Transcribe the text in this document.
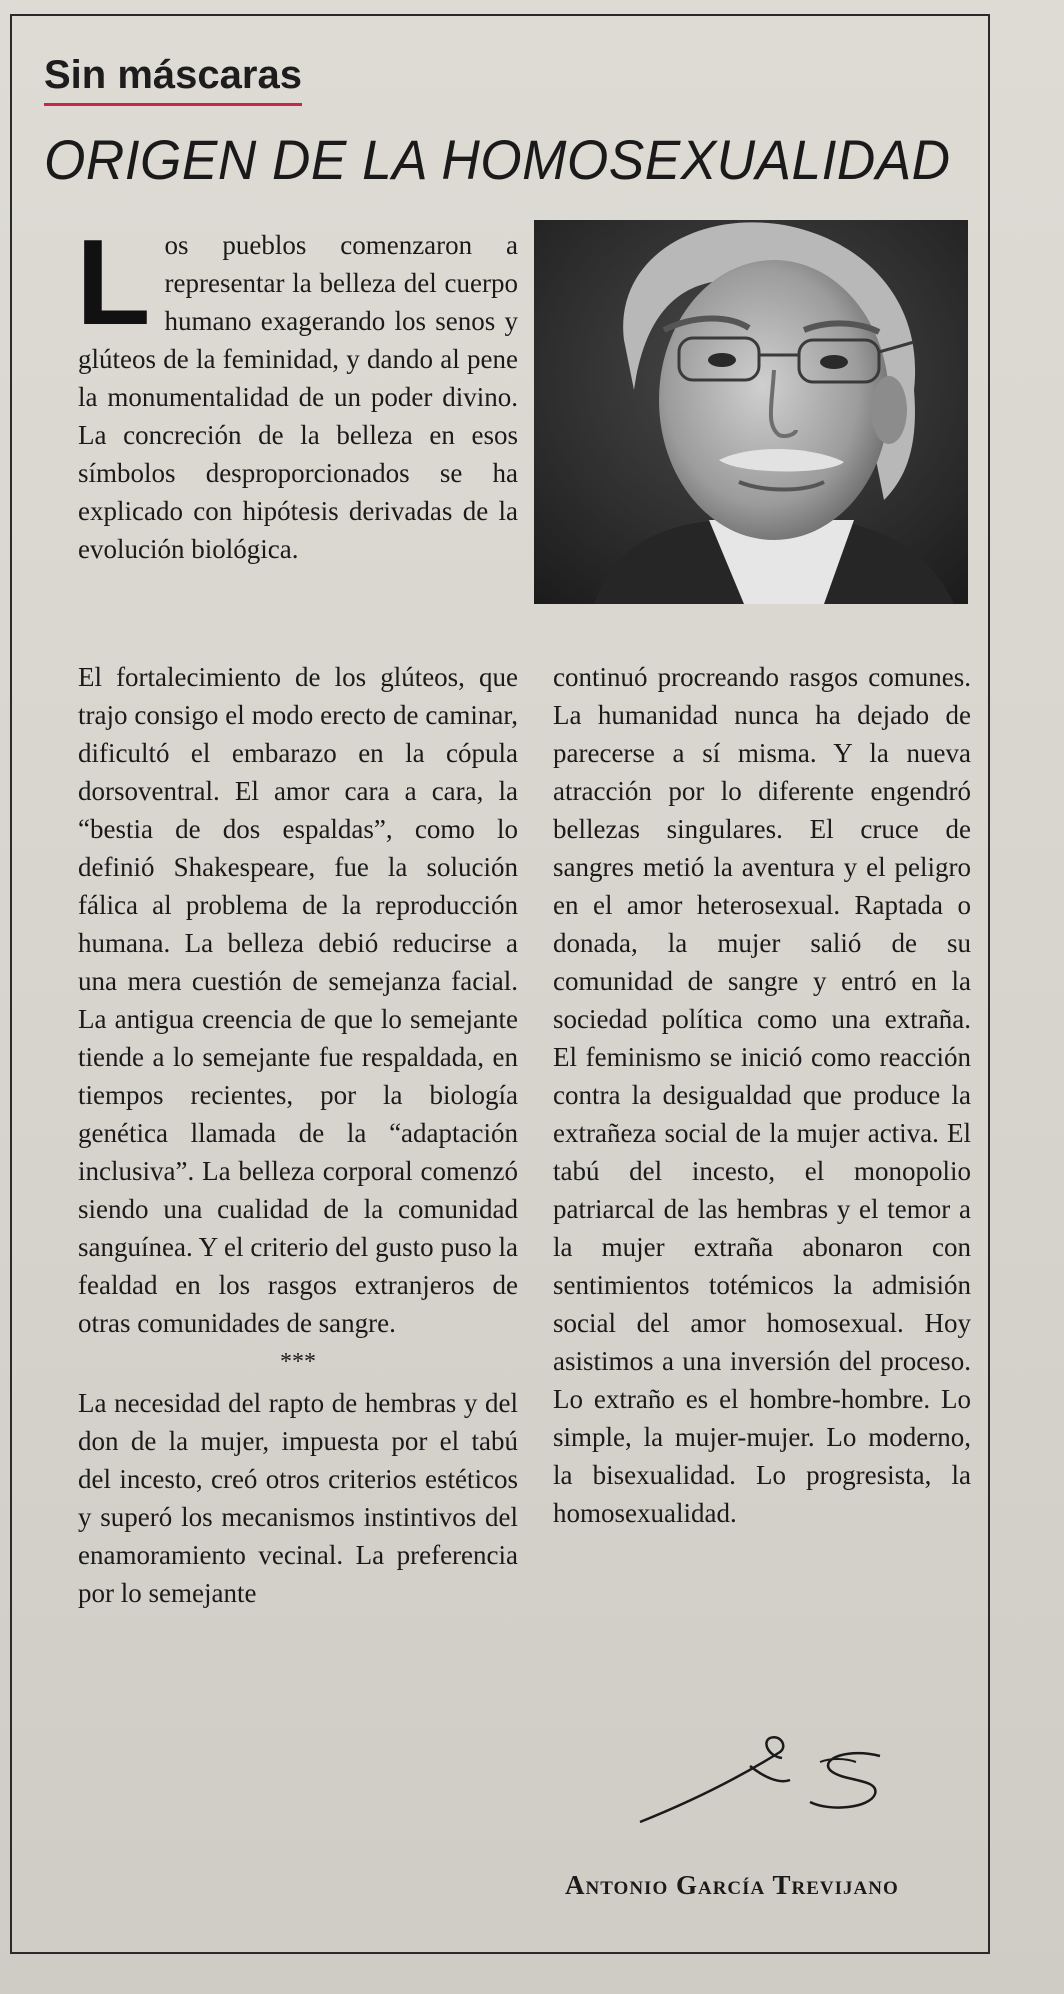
Sin máscaras
ORIGEN DE LA HOMOSEXUALIDAD
L os pueblos comenzaron a representar la belleza del cuerpo humano exagerando los senos y glúteos de la feminidad, y dando al pene la monumentalidad de un poder divino. La concreción de la belleza en esos símbolos desproporcionados se ha explicado con hipótesis derivadas de la evolución biológica.

El fortalecimiento de los glúteos, que trajo consigo el modo erecto de caminar, dificultó el embarazo en la cópula dorsoventral. El amor cara a cara, la “bestia de dos espaldas”, como lo definió Shakespeare, fue la solución fálica al problema de la reproducción humana. La belleza debió reducirse a una mera cuestión de semejanza facial. La antigua creencia de que lo semejante tiende a lo semejante fue respaldada, en tiempos recientes, por la biología genética llamada de la “adaptación inclusiva”. La belleza corporal comenzó siendo una cualidad de la comunidad sanguínea. Y el criterio del gusto puso la fealdad en los rasgos extranjeros de otras comunidades de sangre.

***

La necesidad del rapto de hembras y del don de la mujer, impuesta por el tabú del incesto, creó otros criterios estéticos y superó los mecanismos instintivos del enamoramiento vecinal. La preferencia por lo semejante

continuó procreando rasgos comunes. La humanidad nunca ha dejado de parecerse a sí misma. Y la nueva atracción por lo diferente engendró bellezas singulares. El cruce de sangres metió la aventura y el peligro en el amor heterosexual. Raptada o donada, la mujer salió de su comunidad de sangre y entró en la sociedad política como una extraña. El feminismo se inició como reacción contra la desigualdad que produce la extrañeza social de la mujer activa. El tabú del incesto, el monopolio patriarcal de las hembras y el temor a la mujer extraña abonaron con sentimientos totémicos la admisión social del amor homosexual. Hoy asistimos a una inversión del proceso. Lo extraño es el hombre-hombre. Lo simple, la mujer-mujer. Lo moderno, la bisexualidad. Lo progresista, la homosexualidad.

Antonio García Trevijano
